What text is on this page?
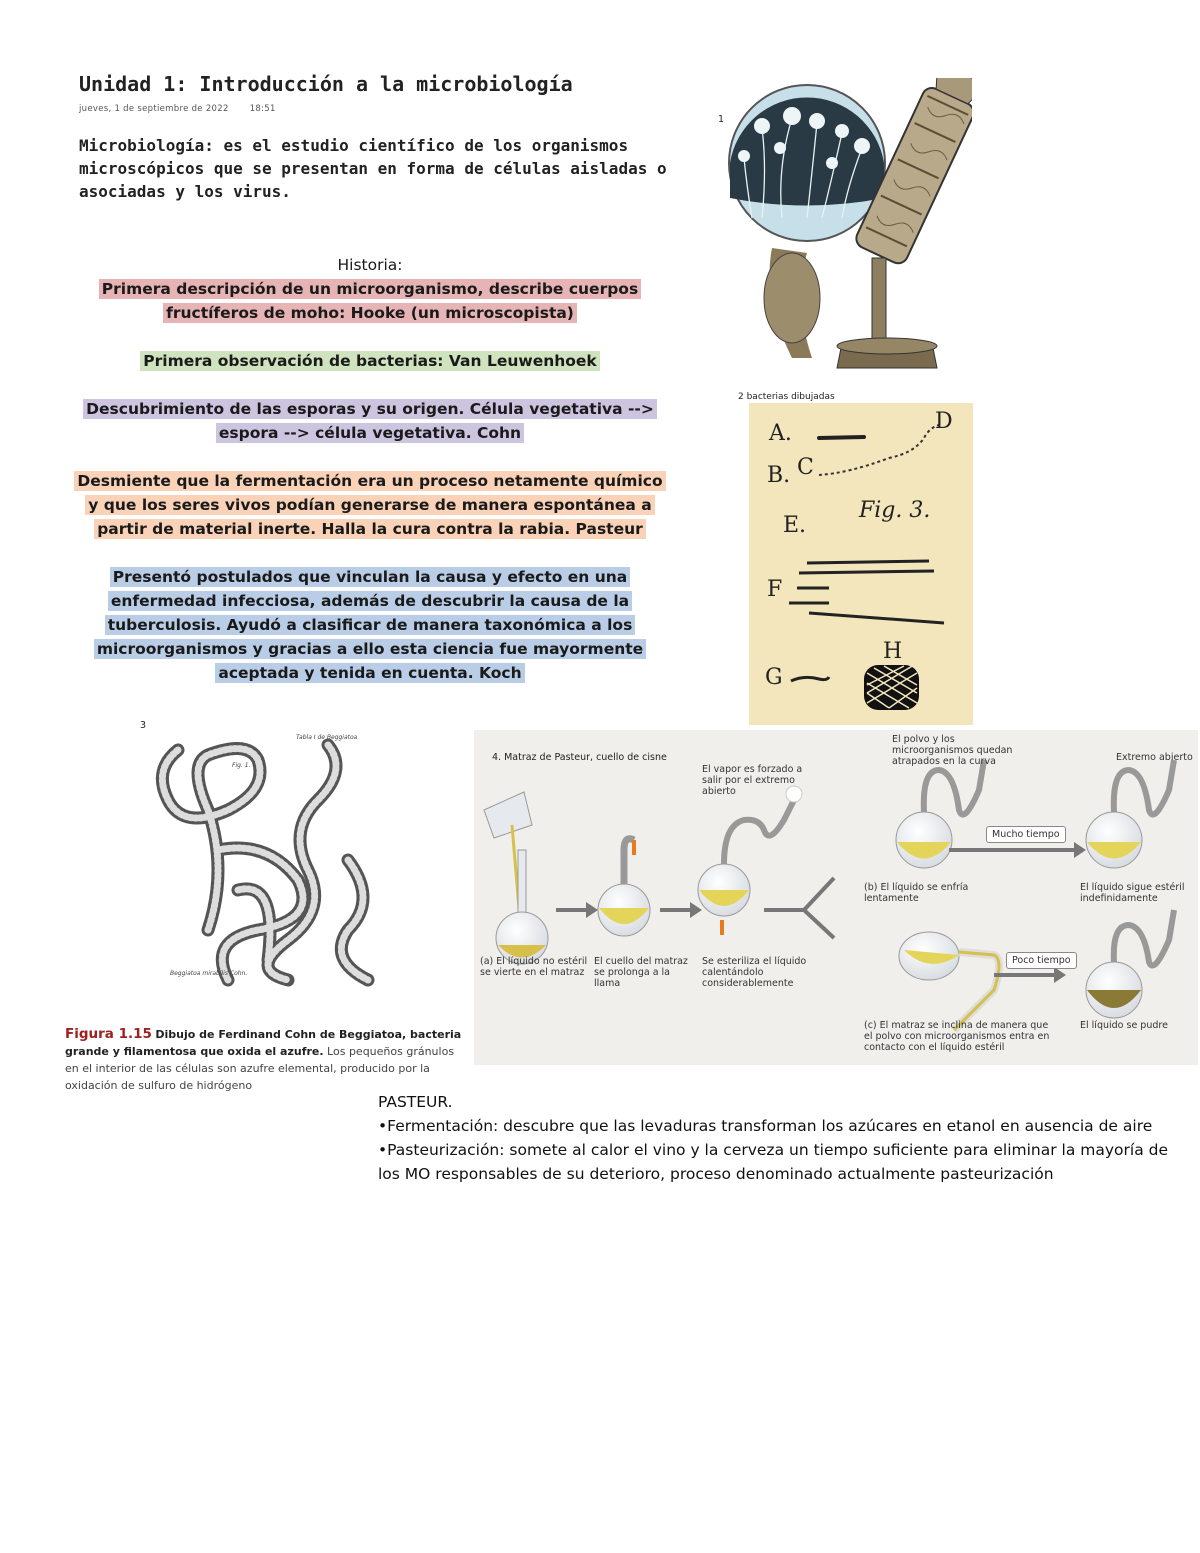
Unidad 1: Introducción a la microbiología
jueves, 1 de septiembre de 2022 18:51
Microbiología: es el estudio científico de los organismos microscópicos que se presentan en forma de células aisladas o asociadas y los virus.

Historia:

Primera descripción de un microorganismo, describe cuerpos fructíferos de moho: Hooke (un microscopista)

Primera observación de bacterias: Van Leuwenhoek

Descubrimiento de las esporas y su origen. Célula vegetativa --> espora --> célula vegetativa. Cohn

Desmiente que la fermentación era un proceso netamente químico y que los seres vivos podían generarse de manera espontánea a partir de material inerte. Halla la cura contra la rabia. Pasteur

Presentó postulados que vinculan la causa y efecto en una enfermedad infecciosa, además de descubrir la causa de la tuberculosis. Ayudó a clasificar de manera taxonómica a los microorganismos y gracias a ello esta ciencia fue mayormente aceptada y tenida en cuenta. Koch

1
2 bacterias dibujadas
A.
B. C
D
E.
F
G
H
Fig. 3.
3
Tabla I de Beggiatoa
Fig. 1.
Beggiatoa mirabilis Cohn.
Figura 1.15 Dibujo de Ferdinand Cohn de Beggiatoa, bacteria grande y filamentosa que oxida el azufre. Los pequeños gránulos en el interior de las células son azufre elemental, producido por la oxidación de sulfuro de hidrógeno
4. Matraz de Pasteur, cuello de cisne
El vapor es forzado a salir por el extremo abierto
El polvo y los microorganismos quedan atrapados en la curva	Extremo abierto
Mucho tiempo
Poco tiempo
(a) El líquido no estéril se vierte en el matraz
El cuello del matraz se prolonga a la llama
Se esteriliza el líquido calentándolo considerablemente
(b) El líquido se enfría lentamente
El líquido sigue estéril indefinidamente
(c) El matraz se inclina de manera que el polvo con microorganismos entra en contacto con el líquido estéril
El líquido se pudre

PASTEUR.

•Fermentación: descubre que las levaduras transforman los azúcares en etanol en ausencia de aire

•Pasteurización: somete al calor el vino y la cerveza un tiempo suficiente para eliminar la mayoría de los MO responsables de su deterioro, proceso denominado actualmente pasteurización
